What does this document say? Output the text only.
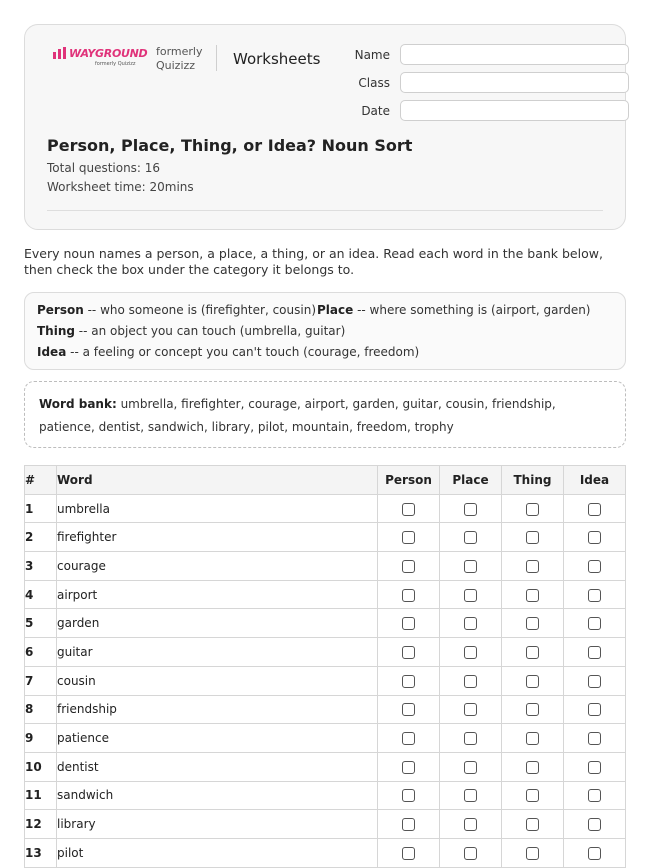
WAYGROUND
formerly Quizizz
formerly
Quizizz	Worksheets	Name
Class
Date
Person, Place, Thing, or Idea? Noun Sort
Total questions: 16
Worksheet time: 20mins
Every noun names a person, a place, a thing, or an idea. Read each word in the bank below, then check the box under the category it belongs to.
Person -- who someone is (firefighter, cousin) Place -- where something is (airport, garden)
Thing -- an object you can touch (umbrella, guitar)
Idea -- a feeling or concept you can't touch (courage, freedom)
Word bank: umbrella, firefighter, courage, airport, garden, guitar, cousin, friendship, patience, dentist, sandwich, library, pilot, mountain, freedom, trophy
#	Word	Person	Place	Thing	Idea
1	umbrella				
2	firefighter				
3	courage				
4	airport				
5	garden				
6	guitar				
7	cousin				
8	friendship				
9	patience				
10	dentist				
11	sandwich				
12	library				
13	pilot				
